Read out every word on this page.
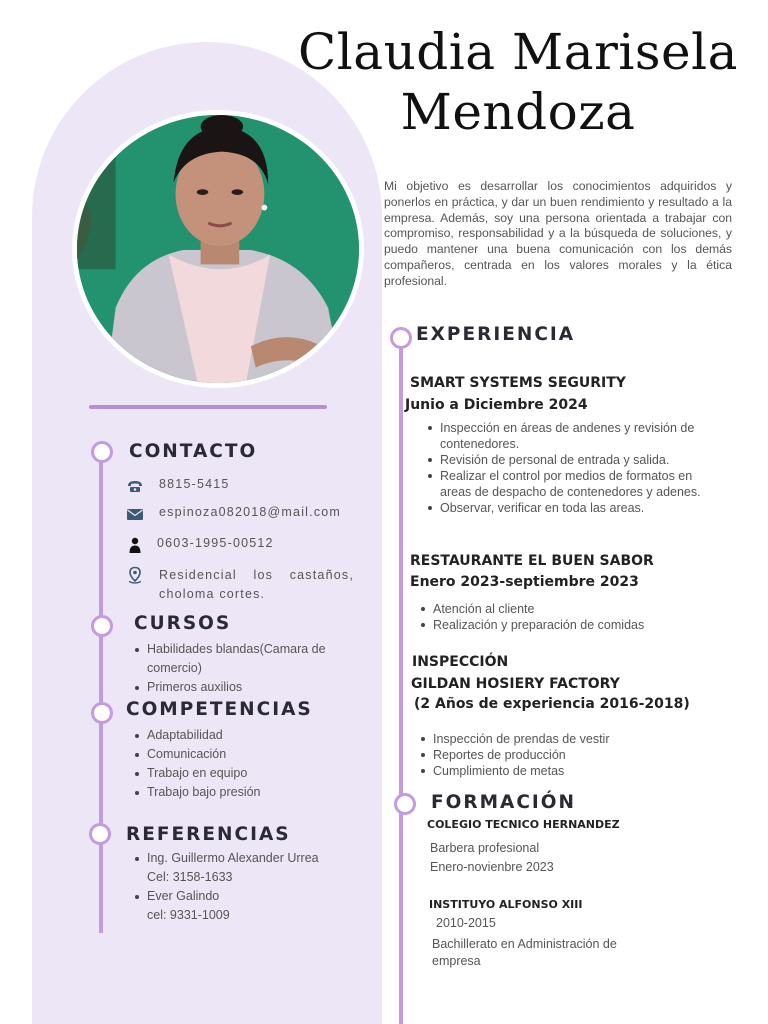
Claudia Marisela
Mendoza
Mi objetivo es desarrollar los conocimientos adquiridos y ponerlos en práctica, y dar un buen rendimiento y resultado a la empresa. Además, soy una persona orientada a trabajar con compromiso, responsabilidad y a la búsqueda de soluciones, y puedo mantener una buena comunicación con los demás compañeros, centrada en los valores morales y la ética profesional.
CONTACTO
8815-5415
espinoza082018@mail.com
0603-1995-00512
Residencial los castaños, choloma cortes.
CURSOS
Habilidades blandas(Camara de comercio)
Primeros auxilios
COMPETENCIAS
Adaptabilidad
Comunicación
Trabajo en equipo
Trabajo bajo presión
REFERENCIAS
Ing. Guillermo Alexander Urrea
Cel: 3158-1633
Ever Galindo
cel: 9331-1009
EXPERIENCIA
SMART SYSTEMS SEGURITY
Junio a Diciembre 2024
Inspección en áreas de andenes y revisión de contenedores.
Revisión de personal de entrada y salida.
Realizar el control por medios de formatos en areas de despacho de contenedores y adenes.
Observar, verificar en toda las areas.
RESTAURANTE EL BUEN SABOR
Enero 2023-septiembre 2023
Atención al cliente
Realización y preparación de comidas
INSPECCIÓN
GILDAN HOSIERY FACTORY
(2 Años de experiencia 2016-2018)
Inspección de prendas de vestir
Reportes de producción
Cumplimiento de metas
FORMACIÓN
COLEGIO TECNICO HERNANDEZ
Barbera profesional
Enero-novienbre 2023
INSTITUYO ALFONSO XIII
2010-2015
Bachillerato en Administración de empresa
